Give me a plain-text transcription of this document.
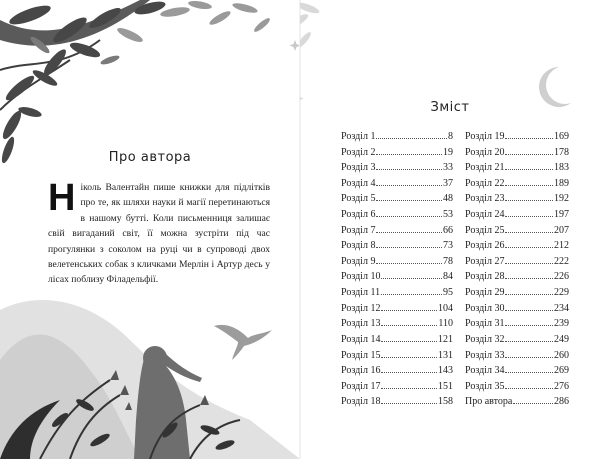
Про автора
Ніколь Валентайн пише книжки для підлітків про те, як шляхи науки й магії перетинаються в нашому бутті. Коли письменниця залишає свій вигаданий світ, її можна зустріти під час прогулянки з соколом на руці чи в супроводі двох велетенських собак з кличками Мерлін і Артур десь у лісах поблизу Філадельфії.
Зміст
Розділ 1	8
Розділ 2	19
Розділ 3	33
Розділ 4	37
Розділ 5	48
Розділ 6	53
Розділ 7	66
Розділ 8	73
Розділ 9	78
Розділ 10	84
Розділ 11	95
Розділ 12	104
Розділ 13	110
Розділ 14	121
Розділ 15	131
Розділ 16	143
Розділ 17	151
Розділ 18	158
Розділ 19	169
Розділ 20	178
Розділ 21	183
Розділ 22	189
Розділ 23	192
Розділ 24	197
Розділ 25	207
Розділ 26	212
Розділ 27	222
Розділ 28	226
Розділ 29	229
Розділ 30	234
Розділ 31	239
Розділ 32	249
Розділ 33	260
Розділ 34	269
Розділ 35	276
Про автора	286
